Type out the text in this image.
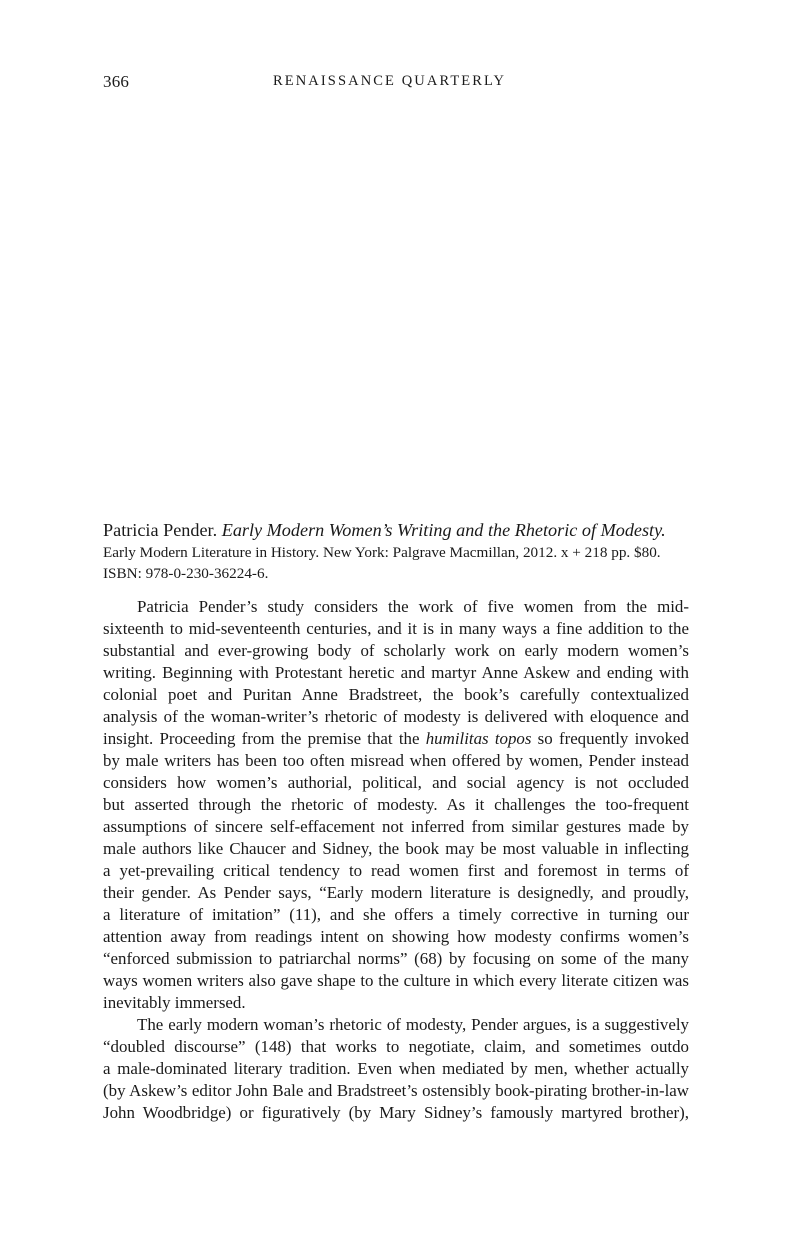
366	RENAISSANCE QUARTERLY
Patricia Pender. Early Modern Women’s Writing and the Rhetoric of Modesty.
Early Modern Literature in History. New York: Palgrave Macmillan, 2012. x + 218 pp. $80.
ISBN: 978-0-230-36224-6.
Patricia Pender’s study considers the work of five women from the mid-
sixteenth to mid-seventeenth centuries, and it is in many ways a fine addition to the
substantial and ever-growing body of scholarly work on early modern women’s
writing. Beginning with Protestant heretic and martyr Anne Askew and ending with
colonial poet and Puritan Anne Bradstreet, the book’s carefully contextualized
analysis of the woman-writer’s rhetoric of modesty is delivered with eloquence and
insight. Proceeding from the premise that the humilitas topos so frequently invoked
by male writers has been too often misread when offered by women, Pender instead
considers how women’s authorial, political, and social agency is not occluded
but asserted through the rhetoric of modesty. As it challenges the too-frequent
assumptions of sincere self-effacement not inferred from similar gestures made by
male authors like Chaucer and Sidney, the book may be most valuable in inflecting
a yet-prevailing critical tendency to read women first and foremost in terms of
their gender. As Pender says, “Early modern literature is designedly, and proudly,
a literature of imitation” (11), and she offers a timely corrective in turning our
attention away from readings intent on showing how modesty confirms women’s
“enforced submission to patriarchal norms” (68) by focusing on some of the many
ways women writers also gave shape to the culture in which every literate citizen was
inevitably immersed.
The early modern woman’s rhetoric of modesty, Pender argues, is a suggestively
“doubled discourse” (148) that works to negotiate, claim, and sometimes outdo
a male-dominated literary tradition. Even when mediated by men, whether actually
(by Askew’s editor John Bale and Bradstreet’s ostensibly book-pirating brother-in-law
John Woodbridge) or figuratively (by Mary Sidney’s famously martyred brother),
